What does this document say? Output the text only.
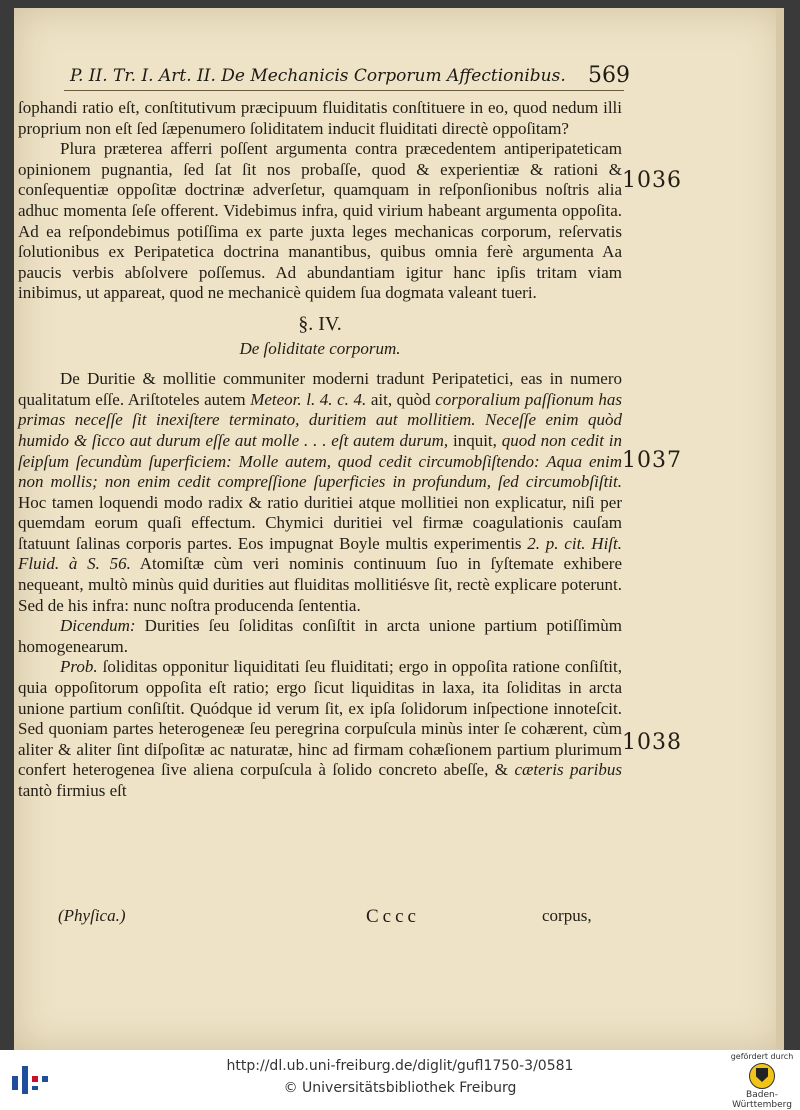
P. II. Tr. I. Art. II. De Mechanicis Corporum Affectionibus.	569
1036
1037
1038

ſophandi ratio eſt, conſtitutivum præcipuum fluiditatis conſtituere in eo, quod nedum illi proprium non eſt ſed ſæpenumero ſoliditatem inducit fluiditati directè oppoſitam?

Plura præterea afferri poſſent argumenta contra præcedentem antiperipateticam opinionem pugnantia, ſed ſat ſit nos probaſſe, quod & experientiæ & rationi & conſequentiæ oppoſitæ doctrinæ adverſetur, quamquam in reſponſionibus noſtris alia adhuc momenta ſeſe offerent. Videbimus infra, quid virium habeant argumenta oppoſita. Ad ea reſpondebimus potiſſima ex parte juxta leges mechanicas corporum, reſervatis ſolutionibus ex Peripatetica doctrina manantibus, quibus omnia ferè argumenta Aa paucis verbis abſolvere poſſemus. Ad abundantiam igitur hanc ipſis tritam viam inibimus, ut appareat, quod ne mechanicè quidem ſua dogmata valeant tueri.

§. IV.

De ſoliditate corporum.

De Duritie & mollitie communiter moderni tradunt Peripatetici, eas in numero qualitatum eſſe. Ariſtoteles autem Meteor. l. 4. c. 4. ait, quòd corporalium paſſionum has primas neceſſe ſit inexiſtere terminato, duritiem aut mollitiem. Neceſſe enim quòd humido & ſicco aut durum eſſe aut molle . . . eſt autem durum, inquit, quod non cedit in ſeipſum ſecundùm ſuperficiem: Molle autem, quod cedit circumobſiſtendo: Aqua enim non mollis; non enim cedit compreſſione ſuperficies in profundum, ſed circumobſiſtit. Hoc tamen loquendi modo radix & ratio duritiei atque mollitiei non explicatur, niſi per quemdam eorum quaſi effectum. Chymici duritiei vel firmæ coagulationis cauſam ſtatuunt ſalinas corporis partes. Eos impugnat Boyle multis experimentis 2. p. cit. Hiſt. Fluid. à S. 56. Atomiſtæ cùm veri nominis continuum ſuo in ſyſtemate exhibere nequeant, multò minùs quid durities aut fluiditas mollitiésve ſit, rectè explicare poterunt. Sed de his infra: nunc noſtra producenda ſententia.

Dicendum: Durities ſeu ſoliditas conſiſtit in arcta unione partium potiſſimùm homogenearum.

Prob. ſoliditas opponitur liquiditati ſeu fluiditati; ergo in oppoſita ratione conſiſtit, quia oppoſitorum oppoſita eſt ratio; ergo ſicut liquiditas in laxa, ita ſoliditas in arcta unione partium conſiſtit. Quódque id verum ſit, ex ipſa ſolidorum inſpectione innoteſcit. Sed quoniam partes heterogeneæ ſeu peregrina corpuſcula minùs inter ſe cohærent, cùm aliter & aliter ſint diſpoſitæ ac naturatæ, hinc ad firmam cohæſionem partium plurimum confert heterogenea ſive aliena corpuſcula à ſolido concreto abeſſe, & cæteris paribus tantò firmius eſt

(Phyſica.)	Cccc	corpus,
http://dl.ub.uni-freiburg.de/diglit/gufl1750-3/0581
© Universitätsbibliothek Freiburg
gefördert durch
Baden-Württemberg
